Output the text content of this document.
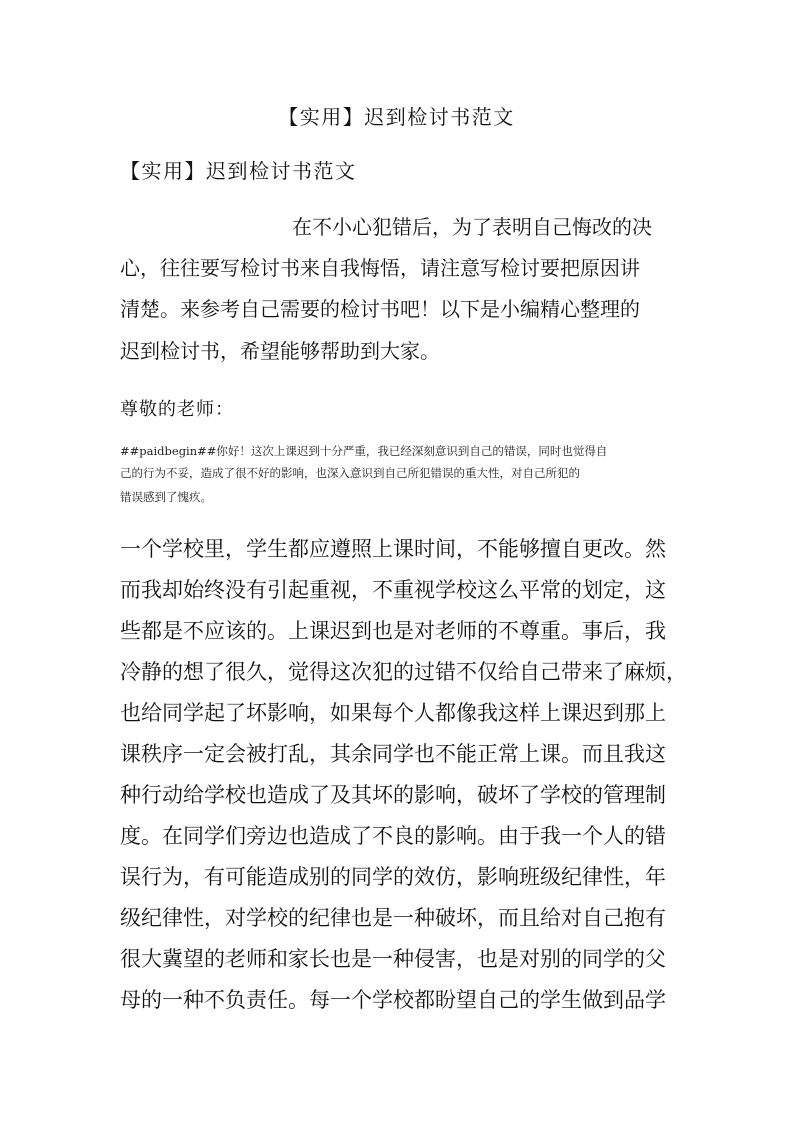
【实用】迟到检讨书范文
【实用】迟到检讨书范文
在不小心犯错后，为了表明自己悔改的决
心，往往要写检讨书来自我悔悟，请注意写检讨要把原因讲
清楚。来参考自己需要的检讨书吧！以下是小编精心整理的
迟到检讨书，希望能够帮助到大家。
尊敬的老师：
##paidbegin##你好！这次上课迟到十分严重，我已经深刻意识到自己的错误，同时也觉得自
己的行为不妥，造成了很不好的影响，也深入意识到自己所犯错误的重大性，对自己所犯的
错误感到了愧疚。
一个学校里，学生都应遵照上课时间，不能够擅自更改。然
而我却始终没有引起重视，不重视学校这么平常的划定，这
些都是不应该的。上课迟到也是对老师的不尊重。事后，我
冷静的想了很久，觉得这次犯的过错不仅给自己带来了麻烦，
也给同学起了坏影响，如果每个人都像我这样上课迟到那上
课秩序一定会被打乱，其余同学也不能正常上课。而且我这
种行动给学校也造成了及其坏的影响，破坏了学校的管理制
度。在同学们旁边也造成了不良的影响。由于我一个人的错
误行为，有可能造成别的同学的效仿，影响班级纪律性，年
级纪律性，对学校的纪律也是一种破坏，而且给对自己抱有
很大冀望的老师和家长也是一种侵害，也是对别的同学的父
母的一种不负责任。每一个学校都盼望自己的学生做到品学
